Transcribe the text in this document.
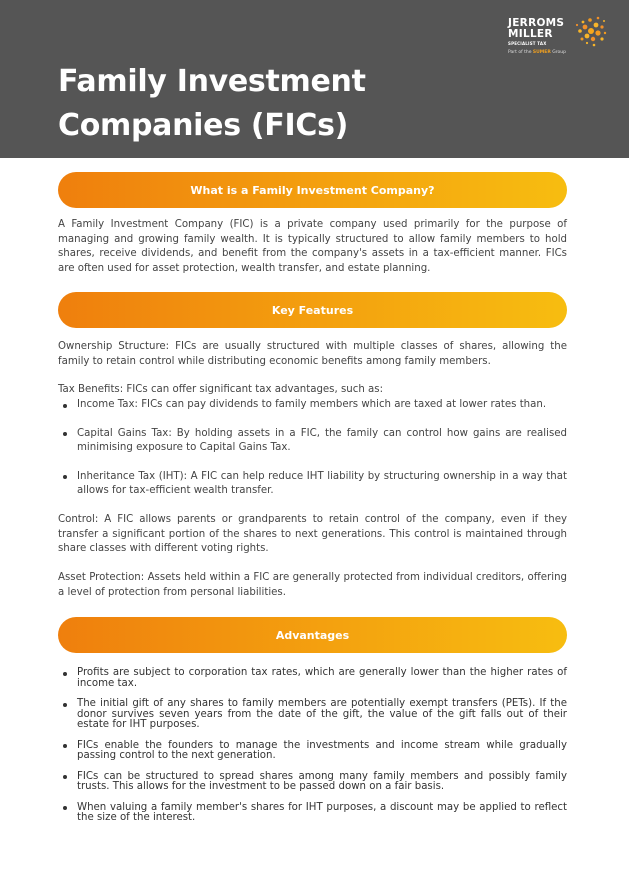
JERROMS
MILLER
SPECIALIST TAX
Part of the SUMER Group
Family Investment
Companies (FICs)
What is a Family Investment Company?

A Family Investment Company (FIC) is a private company used primarily for the purpose of managing and growing family wealth. It is typically structured to allow family members to hold shares, receive dividends, and benefit from the company's assets in a tax-efficient manner. FICs are often used for asset protection, wealth transfer, and estate planning.

Key Features

Ownership Structure: FICs are usually structured with multiple classes of shares, allowing the family to retain control while distributing economic benefits among family members.

Tax Benefits: FICs can offer significant tax advantages, such as:

Income Tax: FICs can pay dividends to family members which are taxed at lower rates than.
Capital Gains Tax: By holding assets in a FIC, the family can control how gains are realised minimising exposure to Capital Gains Tax.
Inheritance Tax (IHT): A FIC can help reduce IHT liability by structuring ownership in a way that allows for tax-efficient wealth transfer.

Control: A FIC allows parents or grandparents to retain control of the company, even if they transfer a significant portion of the shares to next generations. This control is maintained through share classes with different voting rights.

Asset Protection: Assets held within a FIC are generally protected from individual creditors, offering a level of protection from personal liabilities.

Advantages
Profits are subject to corporation tax rates, which are generally lower than the higher rates of income tax.
The initial gift of any shares to family members are potentially exempt transfers (PETs). If the donor survives seven years from the date of the gift, the value of the gift falls out of their estate for IHT purposes.
FICs enable the founders to manage the investments and income stream while gradually passing control to the next generation.
FICs can be structured to spread shares among many family members and possibly family trusts. This allows for the investment to be passed down on a fair basis.
When valuing a family member's shares for IHT purposes, a discount may be applied to reflect the size of the interest.
